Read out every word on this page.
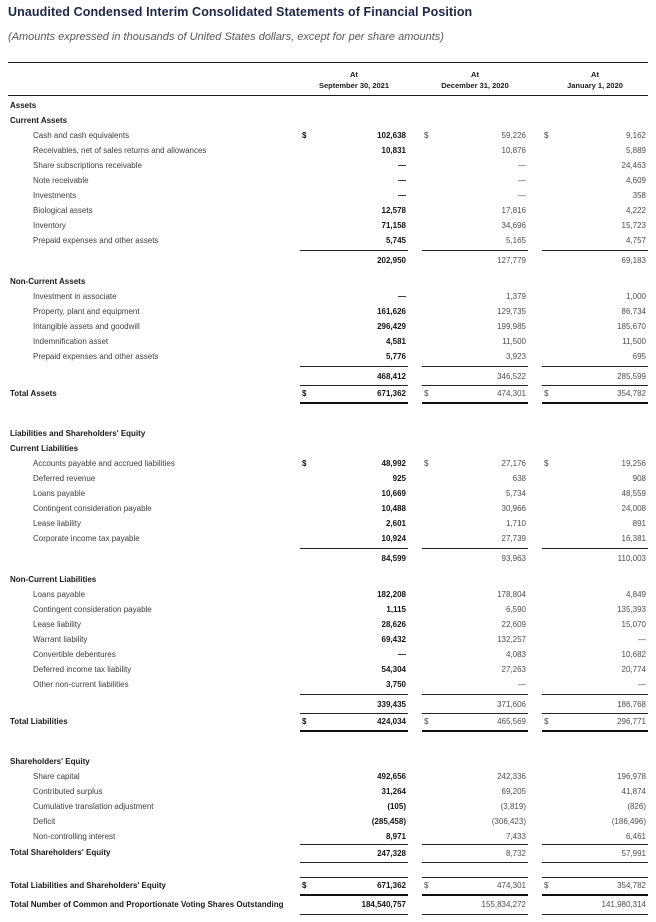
Unaudited Condensed Interim Consolidated Statements of Financial Position
(Amounts expressed in thousands of United States dollars, except for per share amounts)
At
September 30, 2021
At
December 31, 2020
At
January 1, 2020
Assets
Current Assets
Cash and cash equivalents	$	102,638 $	59,226 $	9,162
Receivables, net of sales returns and allowances	10,831	10,876	5,889
Share subscriptions receivable	—	—	24,463
Note receivable	—	—	4,609
Investments	—	—	358
Biological assets	12,578	17,816	4,222
Inventory	71,158	34,696	15,723
Prepaid expenses and other assets	5,745	5,165	4,757
202,950	127,779	69,183
Non-Current Assets
Investment in associate	—	1,379	1,000
Property, plant and equipment	161,626	129,735	86,734
Intangible assets and goodwill	296,429	199,985	185,670
Indemnification asset	4,581	11,500	11,500
Prepaid expenses and other assets	5,776	3,923	695
468,412	346,522	285,599
Total Assets	$	671,362 $	474,301 $	354,782
Liabilities and Shareholders' Equity
Current Liabilities
Accounts payable and accrued liabilities	$	48,992 $	27,176 $	19,256
Deferred revenue	925	638	908
Loans payable	10,669	5,734	48,559
Contingent consideration payable	10,488	30,966	24,008
Lease liability	2,601	1,710	891
Corporate income tax payable	10,924	27,739	16,381
84,599	93,963	110,003
Non-Current Liabilities
Loans payable	182,208	178,804	4,849
Contingent consideration payable	1,115	6,590	135,393
Lease liability	28,626	22,609	15,070
Warrant liability	69,432	132,257	—
Convertible debentures	—	4,083	10,682
Deferred income tax liability	54,304	27,263	20,774
Other non-current liabilities	3,750	—	—
339,435	371,606	186,768
Total Liabilities	$	424,034 $	465,569 $	296,771
Shareholders' Equity
Share capital	492,656	242,336	196,978
Contributed surplus	31,264	69,205	41,874
Cumulative translation adjustment	(105)	(3,819)	(826)
Deficit	(285,458)	(306,423)	(186,496)
Non-controlling interest	8,971	7,433	6,461
Total Shareholders' Equity	247,328	8,732	57,991
Total Liabilities and Shareholders' Equity	$	671,362 $	474,301 $	354,782
Total Number of Common and Proportionate Voting Shares Outstanding	184,540,757	155,834,272	141,980,314
